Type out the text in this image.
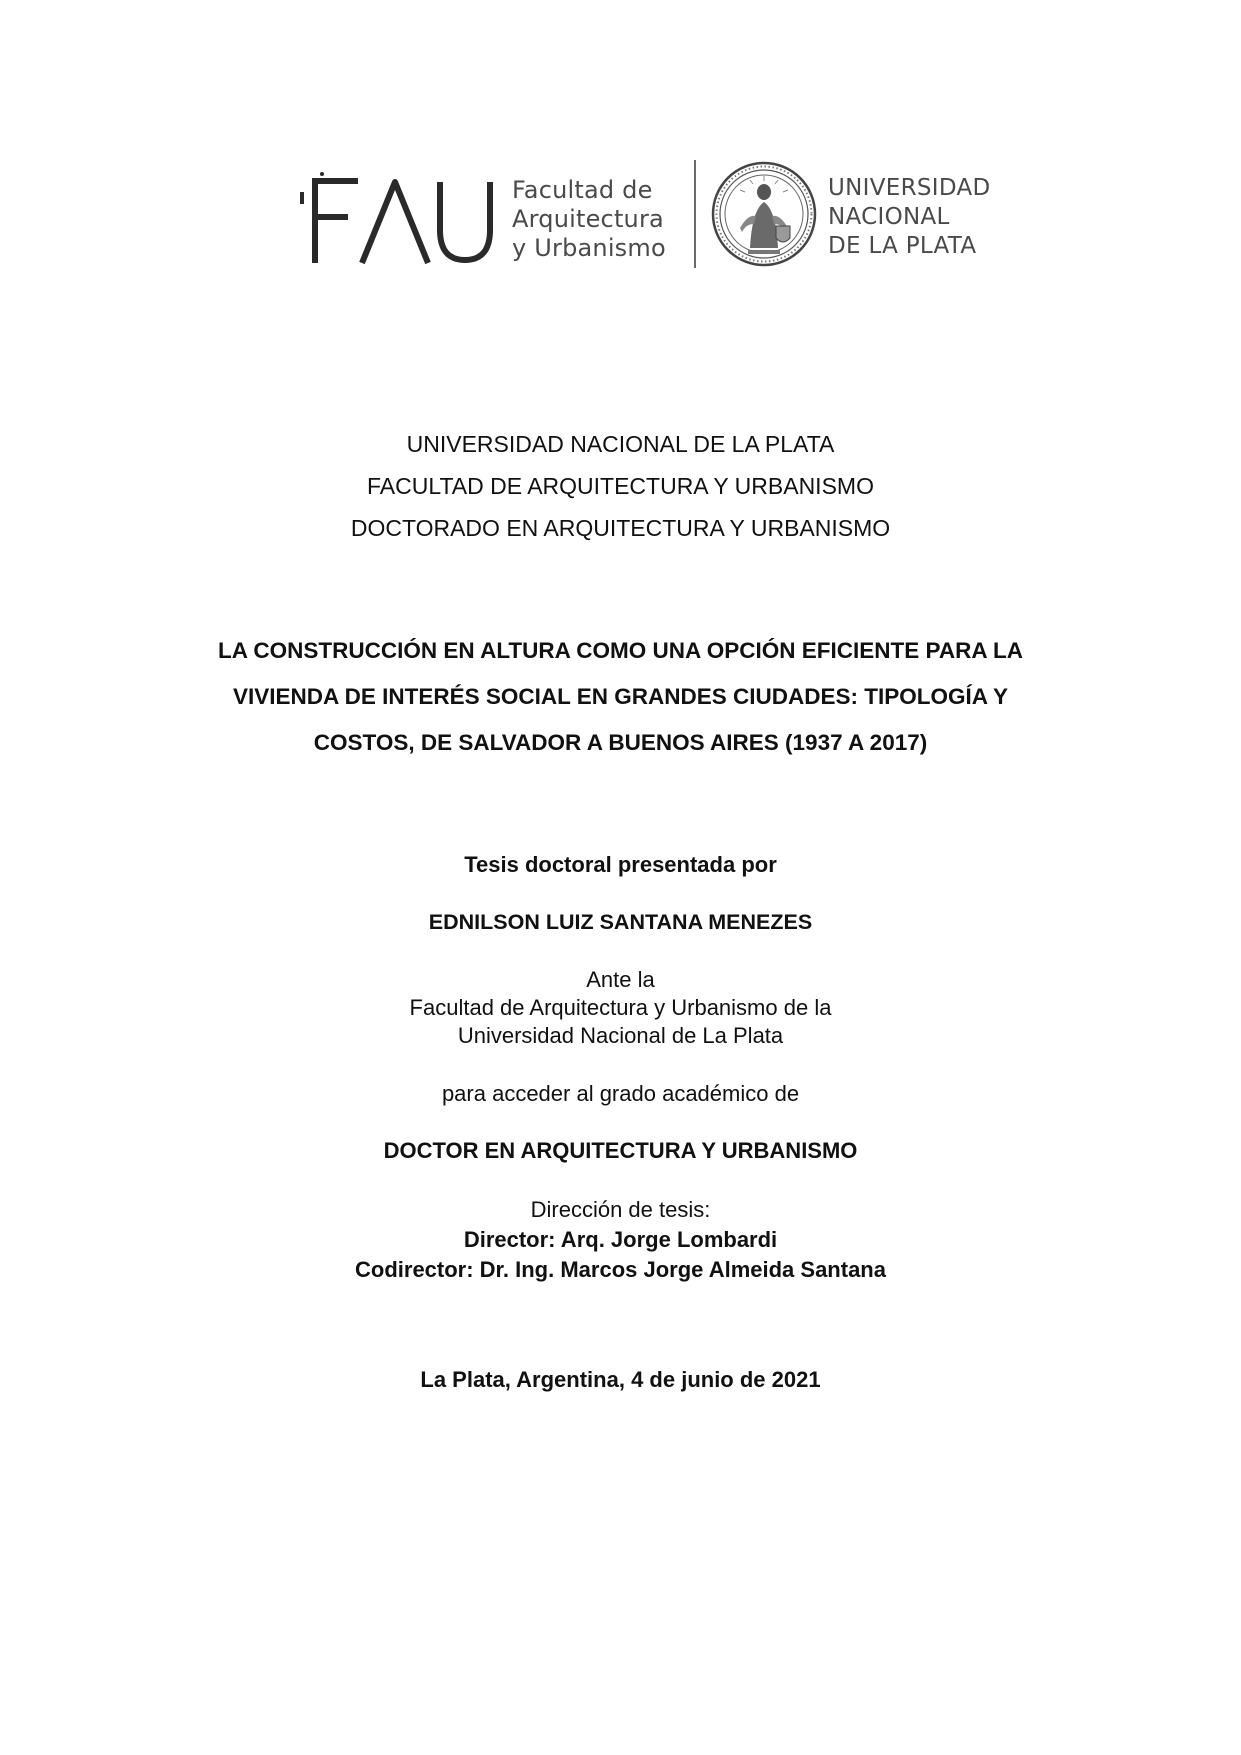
Facultad de
Arquitectura
y Urbanismo
UNIVERSIDAD
NACIONAL
DE LA PLATA
UNIVERSIDAD NACIONAL DE LA PLATA
FACULTAD DE ARQUITECTURA Y URBANISMO
DOCTORADO EN ARQUITECTURA Y URBANISMO
LA CONSTRUCCIÓN EN ALTURA COMO UNA OPCIÓN EFICIENTE PARA LA
VIVIENDA DE INTERÉS SOCIAL EN GRANDES CIUDADES: TIPOLOGÍA Y
COSTOS, DE SALVADOR A BUENOS AIRES (1937 A 2017)
Tesis doctoral presentada por
EDNILSON LUIZ SANTANA MENEZES
Ante la
Facultad de Arquitectura y Urbanismo de la
Universidad Nacional de La Plata
para acceder al grado académico de
DOCTOR EN ARQUITECTURA Y URBANISMO
Dirección de tesis:
Director: Arq. Jorge Lombardi
Codirector: Dr. Ing. Marcos Jorge Almeida Santana
La Plata, Argentina, 4 de junio de 2021
